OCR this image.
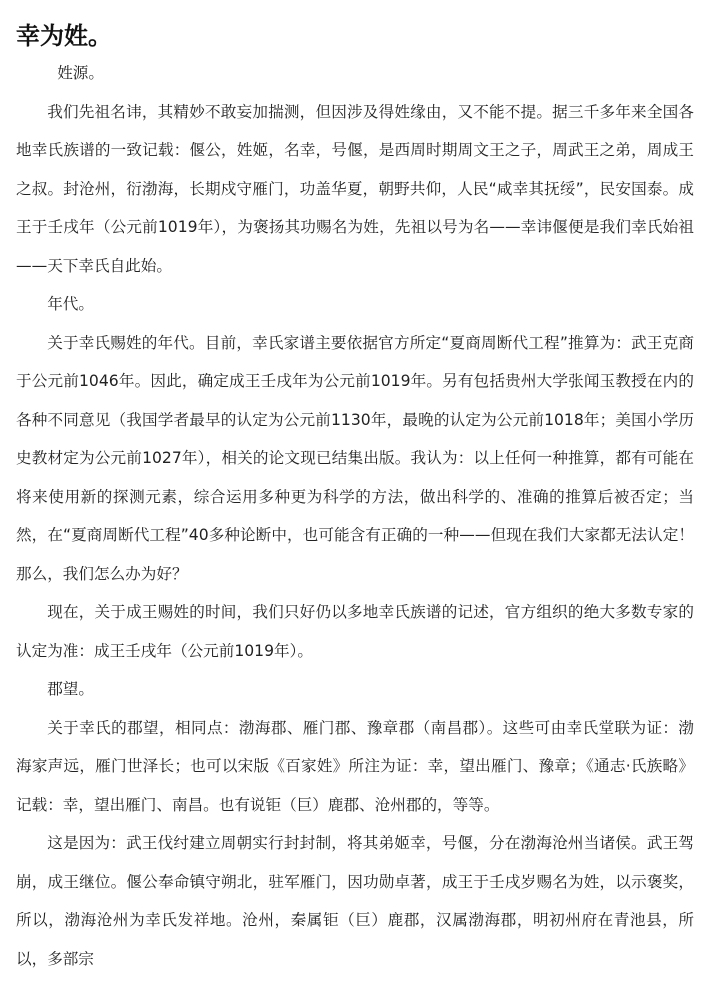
幸为姓。

姓源。

我们先祖名讳，其精妙不敢妄加揣测，但因涉及得姓缘由，又不能不提。据三千多年来全国各地幸氏族谱的一致记载：偃公，姓姬，名幸，号偃，是西周时期周文王之子，周武王之弟，周成王之叔。封沧州，衍渤海，长期戍守雁门，功盖华夏，朝野共仰，人民“咸幸其抚绥”，民安国泰。成王于壬戌年（公元前1019年），为褒扬其功赐名为姓，先祖以号为名——幸讳偃便是我们幸氏始祖——天下幸氏自此始。

年代。

关于幸氏赐姓的年代。目前，幸氏家谱主要依据官方所定“夏商周断代工程”推算为：武王克商于公元前1046年。因此，确定成王壬戌年为公元前1019年。另有包括贵州大学张闻玉教授在内的各种不同意见（我国学者最早的认定为公元前1130年，最晚的认定为公元前1018年；美国小学历史教材定为公元前1027年），相关的论文现已结集出版。我认为：以上任何一种推算，都有可能在将来使用新的探测元素，综合运用多种更为科学的方法，做出科学的、准确的推算后被否定；当然，在“夏商周断代工程”40多种论断中，也可能含有正确的一种——但现在我们大家都无法认定！那么，我们怎么办为好？

现在，关于成王赐姓的时间，我们只好仍以多地幸氏族谱的记述，官方组织的绝大多数专家的认定为准：成王壬戌年（公元前1019年）。

郡望。

关于幸氏的郡望，相同点：渤海郡、雁门郡、豫章郡（南昌郡）。这些可由幸氏堂联为证：渤海家声远，雁门世泽长；也可以宋版《百家姓》所注为证：幸，望出雁门、豫章；《通志·氏族略》记载：幸，望出雁门、南昌。也有说钜（巨）鹿郡、沧州郡的，等等。

这是因为：武王伐纣建立周朝实行封封制，将其弟姬幸，号偃，分在渤海沧州当诸侯。武王驾崩，成王继位。偃公奉命镇守朔北，驻军雁门，因功勋卓著，成王于壬戌岁赐名为姓，以示褒奖，所以，渤海沧州为幸氏发祥地。沧州，秦属钜（巨）鹿郡，汉属渤海郡，明初州府在青池县，所以，多部宗
